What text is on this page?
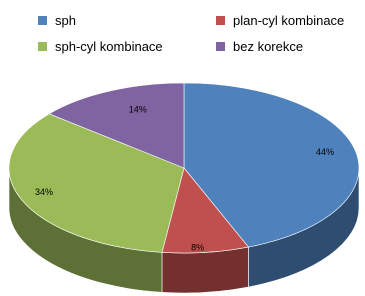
sph	plan-cyl kombinace
sph-cyl kombinace	bez korekce
44%
8%
34%
14%
